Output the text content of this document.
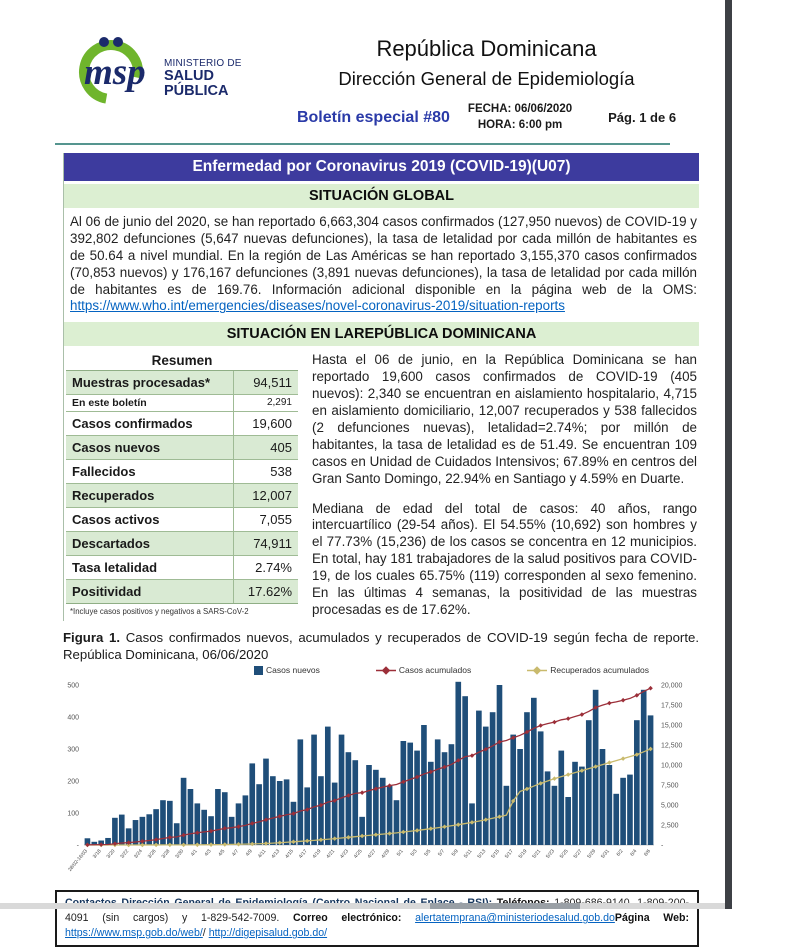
msp MINISTERIO DE
SALUD PÚBLICA
República Dominicana
Dirección General de Epidemiología
Boletín especial #80 FECHA: 06/06/2020
HORA: 6:00 pm	Pág. 1 de 6
Enfermedad por Coronavirus 2019 (COVID-19)(U07)
SITUACIÓN GLOBAL
Al 06 de junio del 2020, se han reportado 6,663,304 casos confirmados (127,950 nuevos) de COVID-19 y 392,802 defunciones (5,647 nuevas defunciones), la tasa de letalidad por cada millón de habitantes es de 50.64 a nivel mundial. En la región de Las Américas se han reportado 3,155,370 casos confirmados (70,853 nuevos) y 176,167 defunciones (3,891 nuevas defunciones), la tasa de letalidad por cada millón de habitantes es de 169.76. Información adicional disponible en la página web de la OMS: https://www.who.int/emergencies/diseases/novel-coronavirus-2019/situation-reports
SITUACIÓN EN LAREPÚBLICA DOMINICANA
Resumen
Muestras procesadas*	94,511
En este boletín	2,291
Casos confirmados	19,600
Casos nuevos	405
Fallecidos	538
Recuperados	12,007
Casos activos	7,055
Descartados	74,911
Tasa letalidad	2.74%
Positividad	17.62%
*Incluye casos positivos y negativos a SARS-CoV-2
Hasta el 06 de junio, en la República Dominicana se han reportado 19,600 casos confirmados de COVID-19 (405 nuevos): 2,340 se encuentran en aislamiento hospitalario, 4,715 en aislamiento domiciliario, 12,007 recuperados y 538 fallecidos (2 defunciones nuevas), letalidad=2.74%; por millón de habitantes, la tasa de letalidad es de 51.49. Se encuentran 109 casos en Unidad de Cuidados Intensivos; 67.89% en centros del Gran Santo Domingo, 22.94% en Santiago y 4.59% en Duarte.
Mediana de edad del total de casos: 40 años, rango intercuartílico (29-54 años). El 54.55% (10,692) son hombres y el 77.73% (15,236) de los casos se concentra en 12 municipios. En total, hay 181 trabajadores de la salud positivos para COVID-19, de los cuales 65.75% (119) corresponden al sexo femenino. En las últimas 4 semanas, la positividad de las muestras procesadas es de 17.62%.
Figura 1. Casos confirmados nuevos, acumulados y recuperados de COVID-19 según fecha de reporte. República Dominicana, 06/06/2020
Casos nuevos	Casos acumulados	Recuperados acumulados
-
100
200
300
400
500
-
2,500
5,000
7,500
10,000
12,500
15,000
17,500
20,000
28/02-16/03 3/18 3/20 3/22 3/24 3/26 3/28 3/30 4/1 4/3 4/5 4/7 4/9 4/11 4/13 4/15 4/17 4/19 4/21 4/23 4/25 4/27 4/29 5/1 5/3 5/5 5/7 5/9 5/11 5/13 5/15 5/17 5/19 5/21 5/23 5/25 5/27 5/29 5/31 6/2 6/4 6/6
4091 (sin cargos) y 1-829-542-7009. Correo electrónico: alertatemprana@ministeriodesalud.gob.doPágina Web: https://www.msp.gob.do/web// http://digepisalud.gob.do/
